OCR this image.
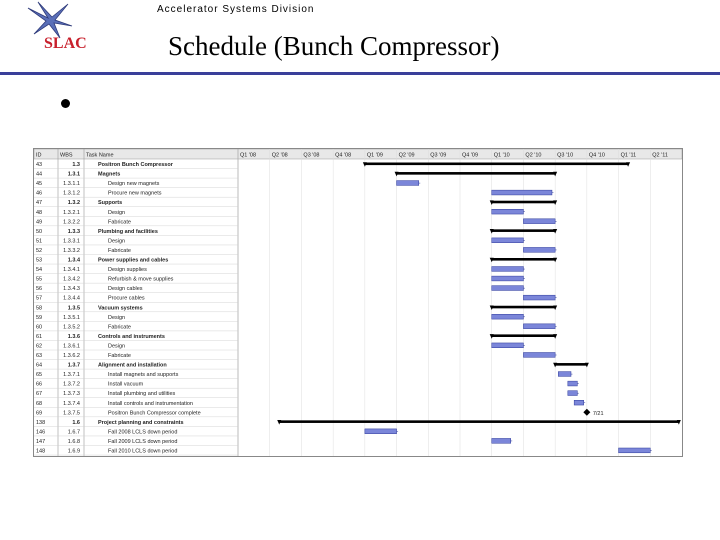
SLAC
Accelerator Systems Division
Schedule (Bunch Compressor)
ID	WBS Task Name	Q1 '08	Q2 '08	Q3 '08	Q4 '08	Q1 '09	Q2 '09	Q3 '09	Q4 '09	Q1 '10	Q2 '10	Q3 '10	Q4 '10	Q1 '11	Q2 '11
43	1.3	Positron Bunch Compressor
44	1.3.1	Magnets
45	1.3.1.1	Design new magnets
46	1.3.1.2	Procure new magnets
47	1.3.2	Supports
48	1.3.2.1	Design
49	1.3.2.2	Fabricate
50	1.3.3	Plumbing and facilities
51	1.3.3.1	Design
52	1.3.3.2	Fabricate
53	1.3.4	Power supplies and cables
54	1.3.4.1	Design supplies
55	1.3.4.2	Refurbish & move supplies
56	1.3.4.3	Design cables
57	1.3.4.4	Procure cables
58	1.3.5	Vacuum systems
59	1.3.5.1	Design
60	1.3.5.2	Fabricate
61	1.3.6	Controls and instruments
62	1.3.6.1	Design
63	1.3.6.2	Fabricate
64	1.3.7	Alignment and installation
65	1.3.7.1	Install magnets and supports
66	1.3.7.2	Install vacuum
67	1.3.7.3	Install plumbing and utilities
68	1.3.7.4	Install controls and instrumentation
69	1.3.7.5	Positron Bunch Compressor complete	7/21
138	1.6	Project planning and constraints
146	1.6.7	Fall 2008 LCLS down period
147	1.6.8	Fall 2009 LCLS down period
148	1.6.9	Fall 2010 LCLS down period
